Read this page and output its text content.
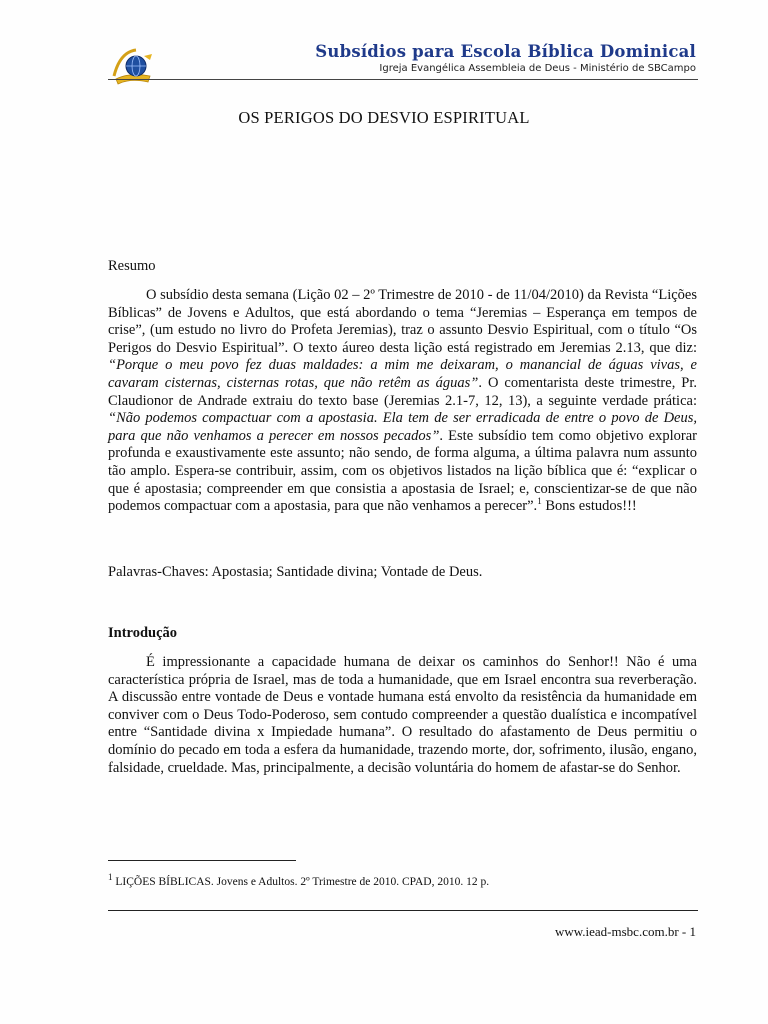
Subsídios para Escola Bíblica Dominical
Igreja Evangélica Assembleia de Deus - Ministério de SBCampo
OS PERIGOS DO DESVIO ESPIRITUAL
Resumo

O subsídio desta semana (Lição 02 – 2º Trimestre de 2010 - de 11/04/2010) da Revista “Lições Bíblicas” de Jovens e Adultos, que está abordando o tema “Jeremias – Esperança em tempos de crise”, (um estudo no livro do Profeta Jeremias), traz o assunto Desvio Espiritual, com o título “Os Perigos do Desvio Espiritual”. O texto áureo desta lição está registrado em Jeremias 2.13, que diz: “Porque o meu povo fez duas maldades: a mim me deixaram, o manancial de águas vivas, e cavaram cisternas, cisternas rotas, que não retêm as águas”. O comentarista deste trimestre, Pr. Claudionor de Andrade extraiu do texto base (Jeremias 2.1-7, 12, 13), a seguinte verdade prática: “Não podemos compactuar com a apostasia. Ela tem de ser erradicada de entre o povo de Deus, para que não venhamos a perecer em nossos pecados”. Este subsídio tem como objetivo explorar profunda e exaustivamente este assunto; não sendo, de forma alguma, a última palavra num assunto tão amplo. Espera-se contribuir, assim, com os objetivos listados na lição bíblica que é: “explicar o que é apostasia; compreender em que consistia a apostasia de Israel; e, conscientizar-se de que não podemos compactuar com a apostasia, para que não venhamos a perecer”.$^1$ Bons estudos!!!

Palavras-Chaves: Apostasia; Santidade divina; Vontade de Deus.
Introdução

É impressionante a capacidade humana de deixar os caminhos do Senhor!! Não é uma característica própria de Israel, mas de toda a humanidade, que em Israel encontra sua reverberação. A discussão entre vontade de Deus e vontade humana está envolto da resistência da humanidade em conviver com o Deus Todo-Poderoso, sem contudo compreender a questão dualística e incompatível entre “Santidade divina x Impiedade humana”. O resultado do afastamento de Deus permitiu o domínio do pecado em toda a esfera da humanidade, trazendo morte, dor, sofrimento, ilusão, engano, falsidade, crueldade. Mas, principalmente, a decisão voluntária do homem de afastar-se do Senhor.

$^1$ LIÇÕES BÍBLICAS. Jovens e Adultos. 2º Trimestre de 2010. CPAD, 2010. 12 p.
www.iead-msbc.com.br - 1
